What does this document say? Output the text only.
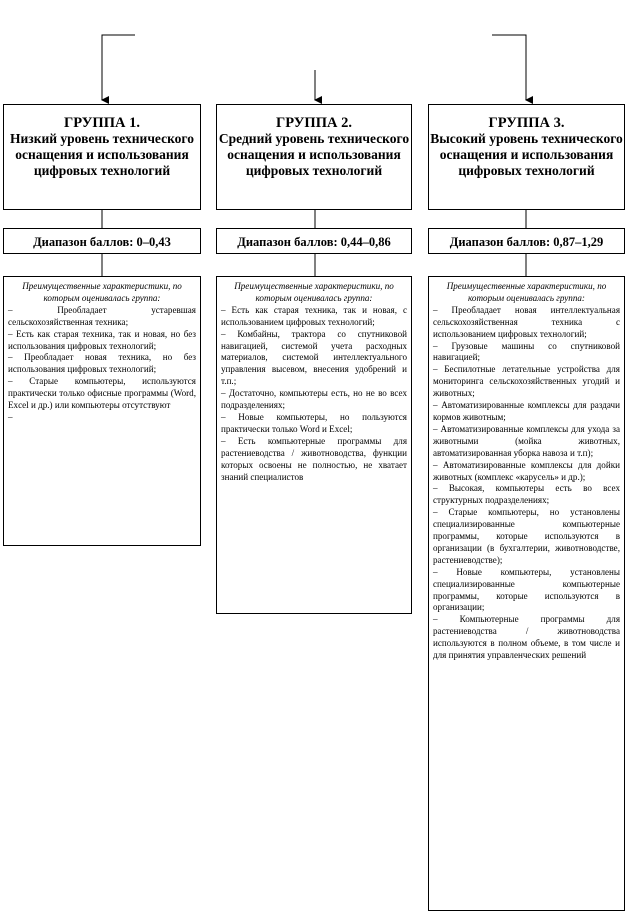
ГРУППА 1.
Низкий уровень технического оснащения и использования цифровых технологий
Диапазон баллов: 0–0,43
Преимущественные характеристики, по которым оценивалась группа:
– Преобладает устаревшая сельскохозяйственная техника;
– Есть как старая техника, так и новая, но без использования цифровых технологий;
– Преобладает новая техника, но без использования цифровых технологий;
– Старые компьютеры, используются практически только офисные программы (Word, Excel и др.) или компьютеры отсутствуют
–
ГРУППА 2.
Средний уровень технического оснащения и использования цифровых технологий
Диапазон баллов: 0,44–0,86
Преимущественные характеристики, по которым оценивалась группа:
– Есть как старая техника, так и новая, с использованием цифровых технологий;
– Комбайны, трактора со спутниковой навигацией, системой учета расходных материалов, системой интеллектуального управления высевом, внесения удобрений и т.п.;
– Достаточно, компьютеры есть, но не во всех подразделениях;
– Новые компьютеры, но пользуются практически только Word и Excel;
– Есть компьютерные программы для растениеводства / животноводства, функции которых освоены не полностью, не хватает знаний специалистов
ГРУППА 3.
Высокий уровень технического оснащения и использования цифровых технологий
Диапазон баллов: 0,87–1,29
Преимущественные характеристики, по которым оценивалась группа:
– Преобладает новая интеллектуальная сельскохозяйственная техника с использованием цифровых технологий;
– Грузовые машины со спутниковой навигацией;
– Беспилотные летательные устройства для мониторинга сельскохозяйственных угодий и животных;
– Автоматизированные комплексы для раздачи кормов животным;
– Автоматизированные комплексы для ухода за животными (мойка животных, автоматизированная уборка навоза и т.п);
– Автоматизированные комплексы для дойки животных (комплекс «карусель» и др.);
– Высокая, компьютеры есть во всех структурных подразделениях;
– Старые компьютеры, но установлены специализированные компьютерные программы, которые используются в организации (в бухгалтерии, животноводстве, растениеводстве);
– Новые компьютеры, установлены специализированные компьютерные программы, которые используются в организации;
– Компьютерные программы для растениеводства / животноводства используются в полном объеме, в том числе и для принятия управленческих решений
